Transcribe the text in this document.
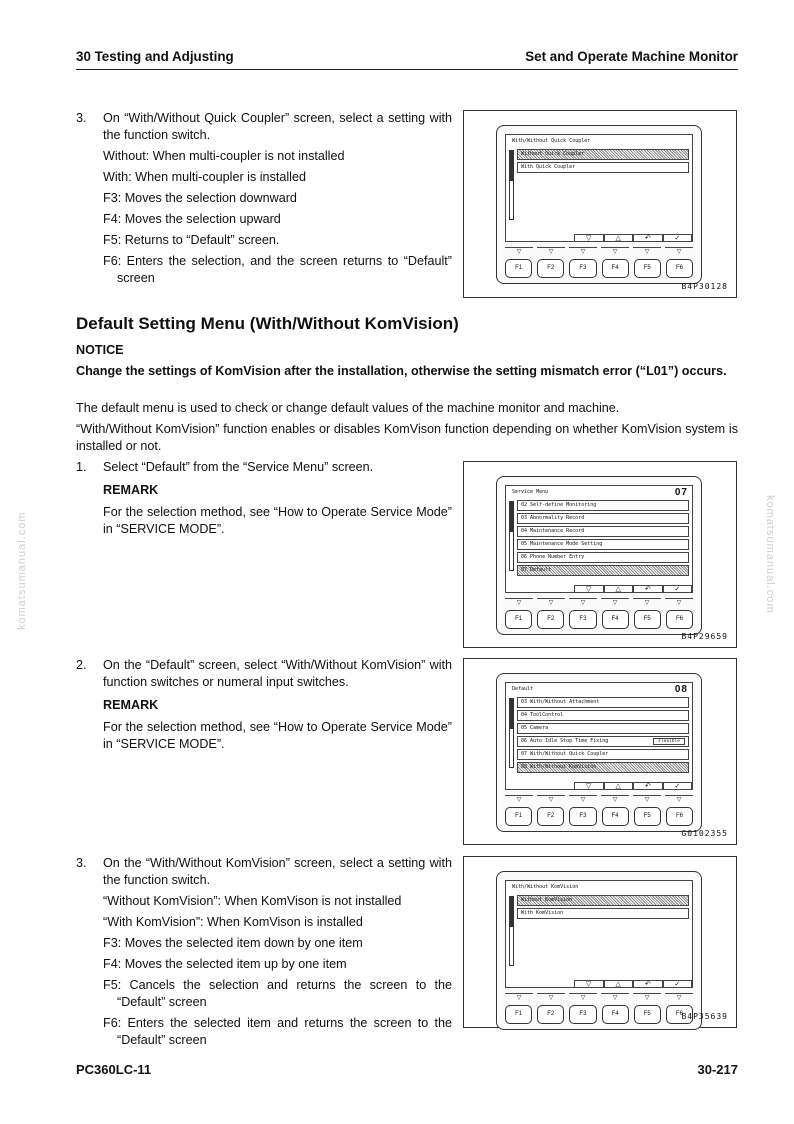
30 Testing and Adjusting	Set and Operate Machine Monitor
komatsumanual.com	komatsumanual.com
3. On “With/Without Quick Coupler” screen, select a setting with the function switch.

Without: When multi-coupler is not installed

With: When multi-coupler is installed

F3: Moves the selection downward

F4: Moves the selection upward

F5: Returns to “Default” screen.

F6: Enters the selection, and the screen returns to “Default” screen

Default Setting Menu (With/Without KomVision)
NOTICE
Change the settings of KomVision after the installation, otherwise the setting mismatch error (“L01”) occurs.
The default menu is used to check or change default values of the machine monitor and machine.
“With/Without KomVision” function enables or disables KomVison function depending on whether KomVision system is installed or not.
1. Select “Default” from the “Service Menu” screen.

REMARK

For the selection method, see “How to Operate Service Mode” in “SERVICE MODE”.

2. On the “Default” screen, select “With/Without KomVision” with function switches or numeral input switches.

REMARK

For the selection method, see “How to Operate Service Mode” in “SERVICE MODE”.

3. On the “With/Without KomVision” screen, select a setting with the function switch.

“Without KomVision”: When KomVison is not installed

“With KomVision”: When KomVison is installed

F3: Moves the selected item down by one item

F4: Moves the selected item up by one item

F5: Cancels the selection and returns the screen to the “Default” screen

F6: Enters the selected item and returns the screen to the “Default” screen

With/Without Quick Coupler
Without Quick Coupler
With Quick Coupler
▽	△	↶	✓
▽	▽	▽	▽	▽	▽
F1	F2	F3	F4	F5	F6
B4P30128
Service Menu	07
02 Self-define Monitoring
03 Abnormality Record
04 Maintenance Record
05 Maintenance Mode Setting
06 Phone Number Entry
07 Default
▽	△	↶	✓
▽	▽	▽	▽	▽	▽
F1	F2	F3	F4	F5	F6
B4P29659
Default	08
03 With/Without Attachment
04 ToolControl
05 Camera
06 Auto Idle Stop Time Fixing	Flexible
07 With/Without Quick Coupler
08 With/Without KomVision
▽	△	↶	✓
▽	▽	▽	▽	▽	▽
F1	F2	F3	F4	F5	F6
G0102355
With/Without KomVision
Without KomVision
With KomVision
▽	△	↶	✓
▽	▽	▽	▽	▽	▽
F1	F2	F3	F4	F5	F6
B4P35639
PC360LC-11	30-217
